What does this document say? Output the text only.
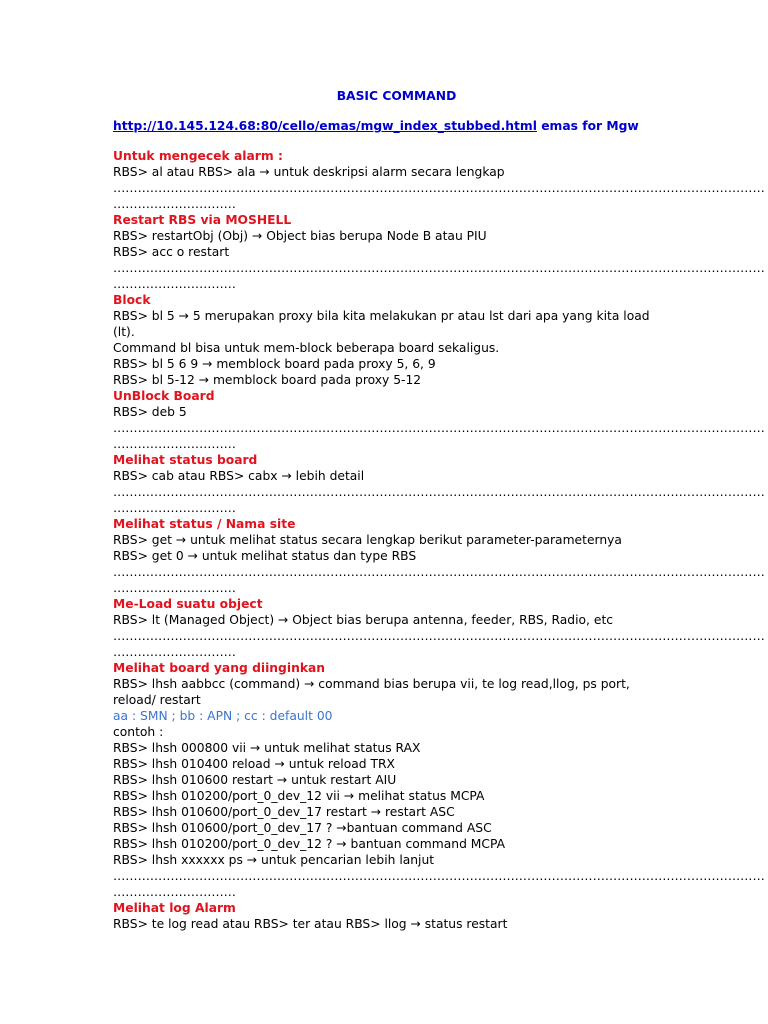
BASIC COMMAND
http://10.145.124.68:80/cello/emas/mgw_index_stubbed.html emas for Mgw
Untuk mengecek alarm :
RBS> al atau RBS> ala → untuk deskripsi alarm secara lengkap
……………………………………………………………………………………………………………………………………………
…………………………
Restart RBS via MOSHELL
RBS> restartObj (Obj) → Object bias berupa Node B atau PIU
RBS> acc o restart
……………………………………………………………………………………………………………………………………………
…………………………
Block
RBS> bl 5 → 5 merupakan proxy bila kita melakukan pr atau lst dari apa yang kita load (lt).
Command bl bisa untuk mem-block beberapa board sekaligus.
RBS> bl 5 6 9 → memblock board pada proxy 5, 6, 9
RBS> bl 5-12 → memblock board pada proxy 5-12
UnBlock Board
RBS> deb 5
……………………………………………………………………………………………………………………………………………
…………………………
Melihat status board
RBS> cab atau RBS> cabx → lebih detail
……………………………………………………………………………………………………………………………………………
…………………………
Melihat status / Nama site
RBS> get → untuk melihat status secara lengkap berikut parameter-parameternya
RBS> get 0 → untuk melihat status dan type RBS
……………………………………………………………………………………………………………………………………………
…………………………
Me-Load suatu object
RBS> lt (Managed Object) → Object bias berupa antenna, feeder, RBS, Radio, etc
……………………………………………………………………………………………………………………………………………
…………………………
Melihat board yang diinginkan
RBS> lhsh aabbcc (command) → command bias berupa vii, te log read,llog, ps port, reload/ restart
aa : SMN ; bb : APN ; cc : default 00
contoh :
RBS> lhsh 000800 vii → untuk melihat status RAX
RBS> lhsh 010400 reload → untuk reload TRX
RBS> lhsh 010600 restart → untuk restart AIU
RBS> lhsh 010200/port_0_dev_12 vii → melihat status MCPA
RBS> lhsh 010600/port_0_dev_17 restart → restart ASC
RBS> lhsh 010600/port_0_dev_17 ? →bantuan command ASC
RBS> lhsh 010200/port_0_dev_12 ? → bantuan command MCPA
RBS> lhsh xxxxxx ps → untuk pencarian lebih lanjut
……………………………………………………………………………………………………………………………………………
…………………………
Melihat log Alarm
RBS> te log read atau RBS> ter atau RBS> llog → status restart
